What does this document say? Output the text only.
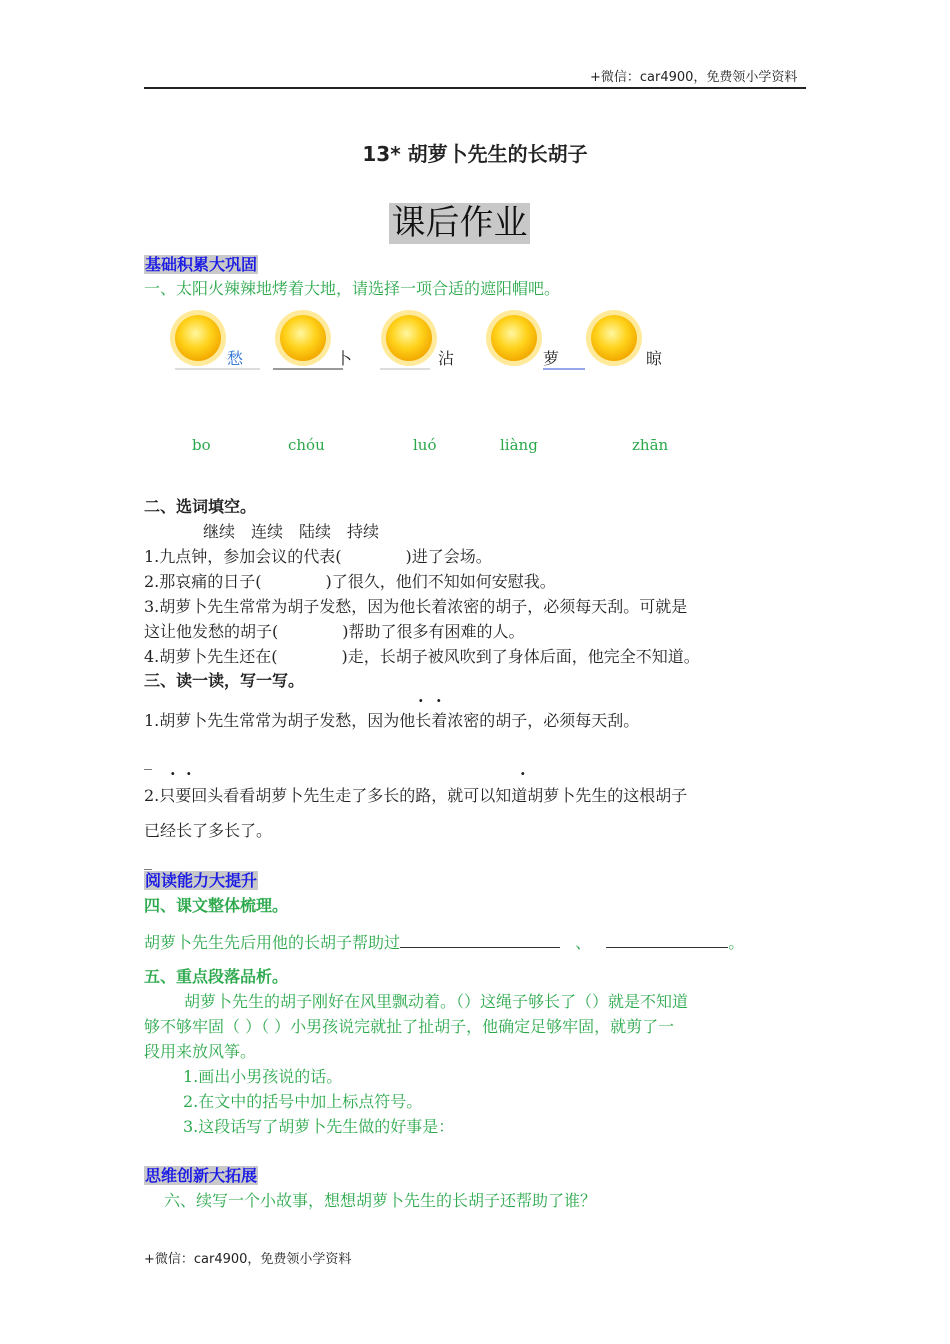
+微信：car4900，免费领小学资料
13* 胡萝卜先生的长胡子
课后作业
基础积累大巩固
一、太阳火辣辣地烤着大地，请选择一项合适的遮阳帽吧。
愁	卜	沾	萝	晾
bo	chóu	luó	liàng	zhān
二、选词填空。
继续　连续　陆续　持续
1.九点钟，参加会议的代表(　　　　)进了会场。
2.那哀痛的日子(　　　　)了很久，他们不知如何安慰我。
3.胡萝卜先生常常为胡子发愁，因为他长着浓密的胡子，必须每天刮。可就是
这让他发愁的胡子(　　　　)帮助了很多有困难的人。
4.胡萝卜先生还在(　　　　)走，长胡子被风吹到了身体后面，他完全不知道。
三、读一读，写一写。
· ·
1.胡萝卜先生常常为胡子发愁，因为他长着浓密的胡子，必须每天刮。
_
· ·	·
2.只要回头看看胡萝卜先生走了多长的路，就可以知道胡萝卜先生的这根胡子
已经长了多长了。
_
阅读能力大提升
四、课文整体梳理。
胡萝卜先生先后用他的长胡子帮助过	、	。
五、重点段落品析。
胡萝卜先生的胡子刚好在风里飘动着。（）这绳子够长了（）就是不知道
够不够牢固（ ）（ ）小男孩说完就扯了扯胡子，他确定足够牢固，就剪了一
段用来放风筝。
1.画出小男孩说的话。
2.在文中的括号中加上标点符号。
3.这段话写了胡萝卜先生做的好事是：
思维创新大拓展
六、续写一个小故事，想想胡萝卜先生的长胡子还帮助了谁？
+微信：car4900，免费领小学资料
